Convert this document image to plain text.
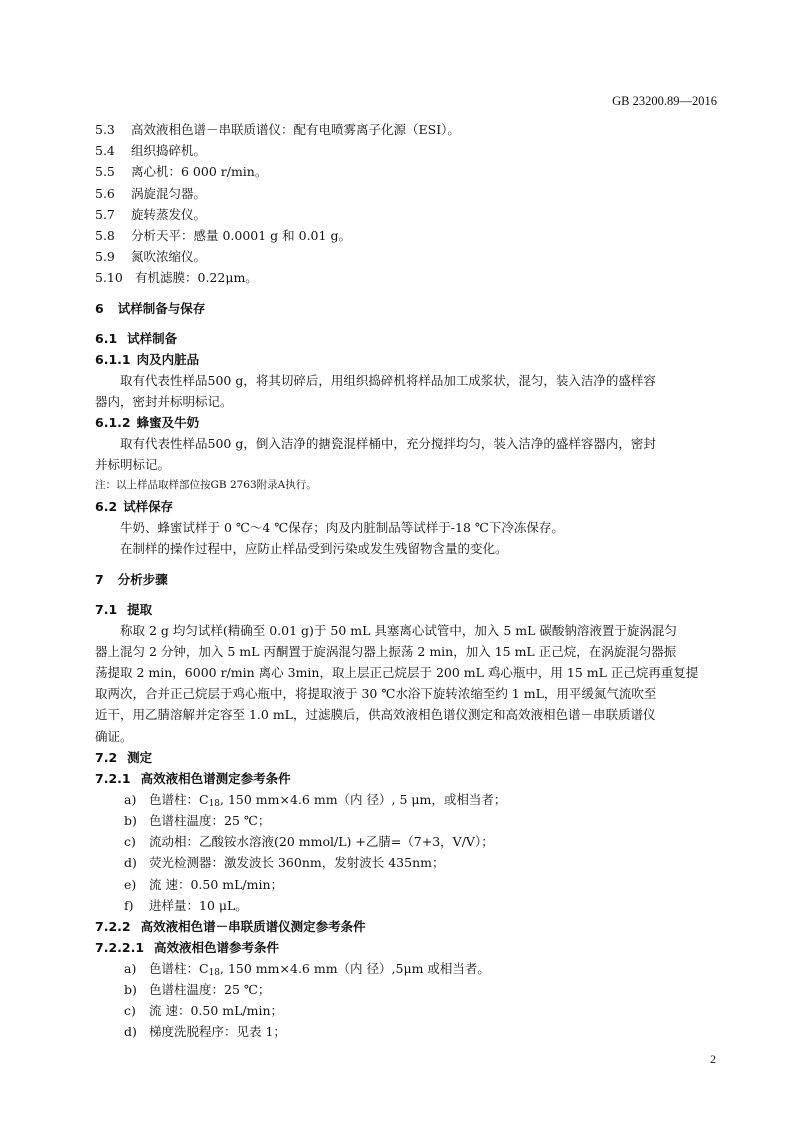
GB 23200.89—2016
5.3 高效液相色谱－串联质谱仪：配有电喷雾离子化源（ESI）。
5.4 组织捣碎机。
5.5 离心机：6 000 r/min。
5.6 涡旋混匀器。
5.7 旋转蒸发仪。
5.8 分析天平：感量 0.0001 g 和 0.01 g。
5.9 氮吹浓缩仪。
5.10 有机滤膜：0.22μm。
6 试样制备与保存
6.1 试样制备
6.1.1 肉及内脏品
取有代表性样品500 g，将其切碎后，用组织捣碎机将样品加工成浆状，混匀，装入洁净的盛样容
器内，密封并标明标记。
6.1.2 蜂蜜及牛奶
取有代表性样品500 g，倒入洁净的搪瓷混样桶中，充分搅拌均匀，装入洁净的盛样容器内，密封
并标明标记。
注：以上样品取样部位按GB 2763附录A执行。
6.2 试样保存
牛奶、蜂蜜试样于 0 ℃～4 ℃保存；肉及内脏制品等试样于-18 ℃下冷冻保存。
在制样的操作过程中，应防止样品受到污染或发生残留物含量的变化。
7 分析步骤
7.1 提取
称取 2 g 均匀试样(精确至 0.01 g)于 50 mL 具塞离心试管中，加入 5 mL 碳酸钠溶液置于旋涡混匀
器上混匀 2 分钟，加入 5 mL 丙酮置于旋涡混匀器上振荡 2 min，加入 15 mL 正己烷，在涡旋混匀器振
荡提取 2 min，6000 r/min 离心 3min，取上层正己烷层于 200 mL 鸡心瓶中，用 15 mL 正己烷再重复提
取两次，合并正己烷层于鸡心瓶中，将提取液于 30 ℃水浴下旋转浓缩至约 1 mL，用平缓氮气流吹至
近干，用乙腈溶解并定容至 1.0 mL，过滤膜后，供高效液相色谱仪测定和高效液相色谱－串联质谱仪
确证。
7.2 测定
7.2.1 高效液相色谱测定参考条件
a) 色谱柱：$C_{18}$, 150 mm×4.6 mm（内 径）, 5 μm，或相当者；
b) 色谱柱温度：25 ℃；
c) 流动相：乙酸铵水溶液(20 mmol/L) +乙腈=（7+3，V/V）；
d) 荧光检测器：激发波长 360nm，发射波长 435nm；
e) 流 速：0.50 mL/min；
f) 进样量：10 μL。
7.2.2 高效液相色谱－串联质谱仪测定参考条件
7.2.2.1 高效液相色谱参考条件
a) 色谱柱：$C_{18}$, 150 mm×4.6 mm（内 径）,5μm 或相当者。
b) 色谱柱温度：25 ℃；
c) 流 速：0.50 mL/min；
d) 梯度洗脱程序：见表 1；
2
